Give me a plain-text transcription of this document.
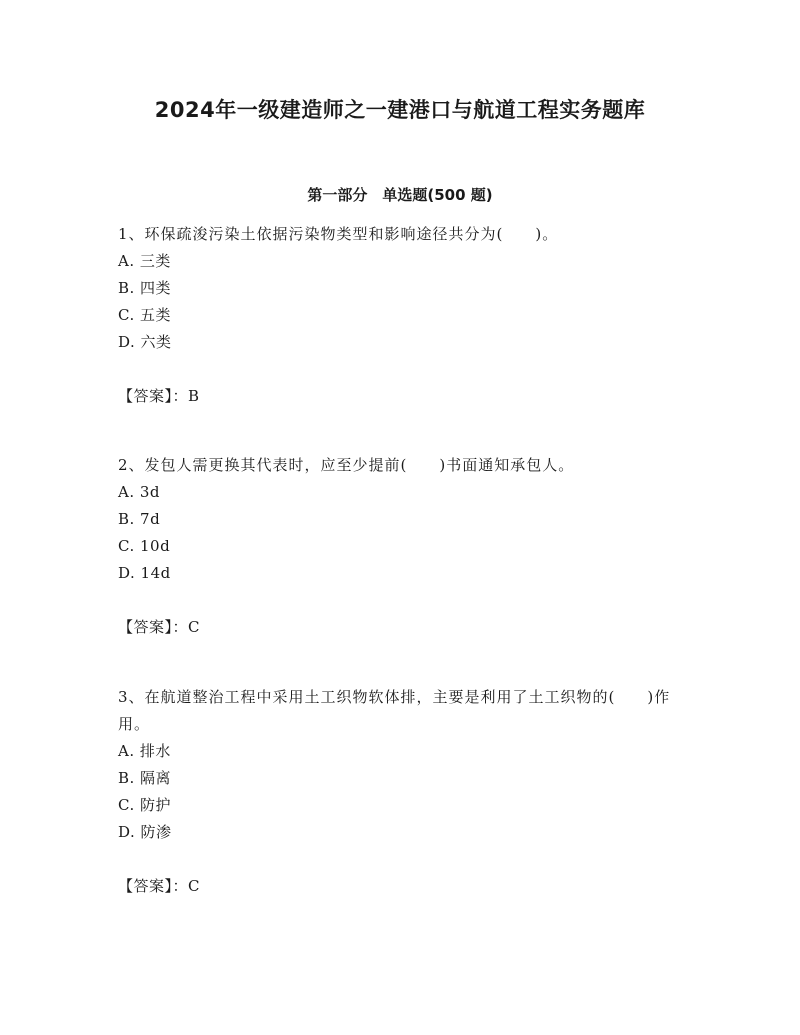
2024年一级建造师之一建港口与航道工程实务题库
第一部分　单选题(500 题)
1、环保疏浚污染土依据污染物类型和影响途径共分为(　　)。
A. 三类
B. 四类
C. 五类
D. 六类
【答案】：B
2、发包人需更换其代表时，应至少提前(　　)书面通知承包人。
A. 3d
B. 7d
C. 10d
D. 14d
【答案】：C
3、在航道整治工程中采用土工织物软体排，主要是利用了土工织物的(　　)作用。
A. 排水
B. 隔离
C. 防护
D. 防渗
【答案】：C
